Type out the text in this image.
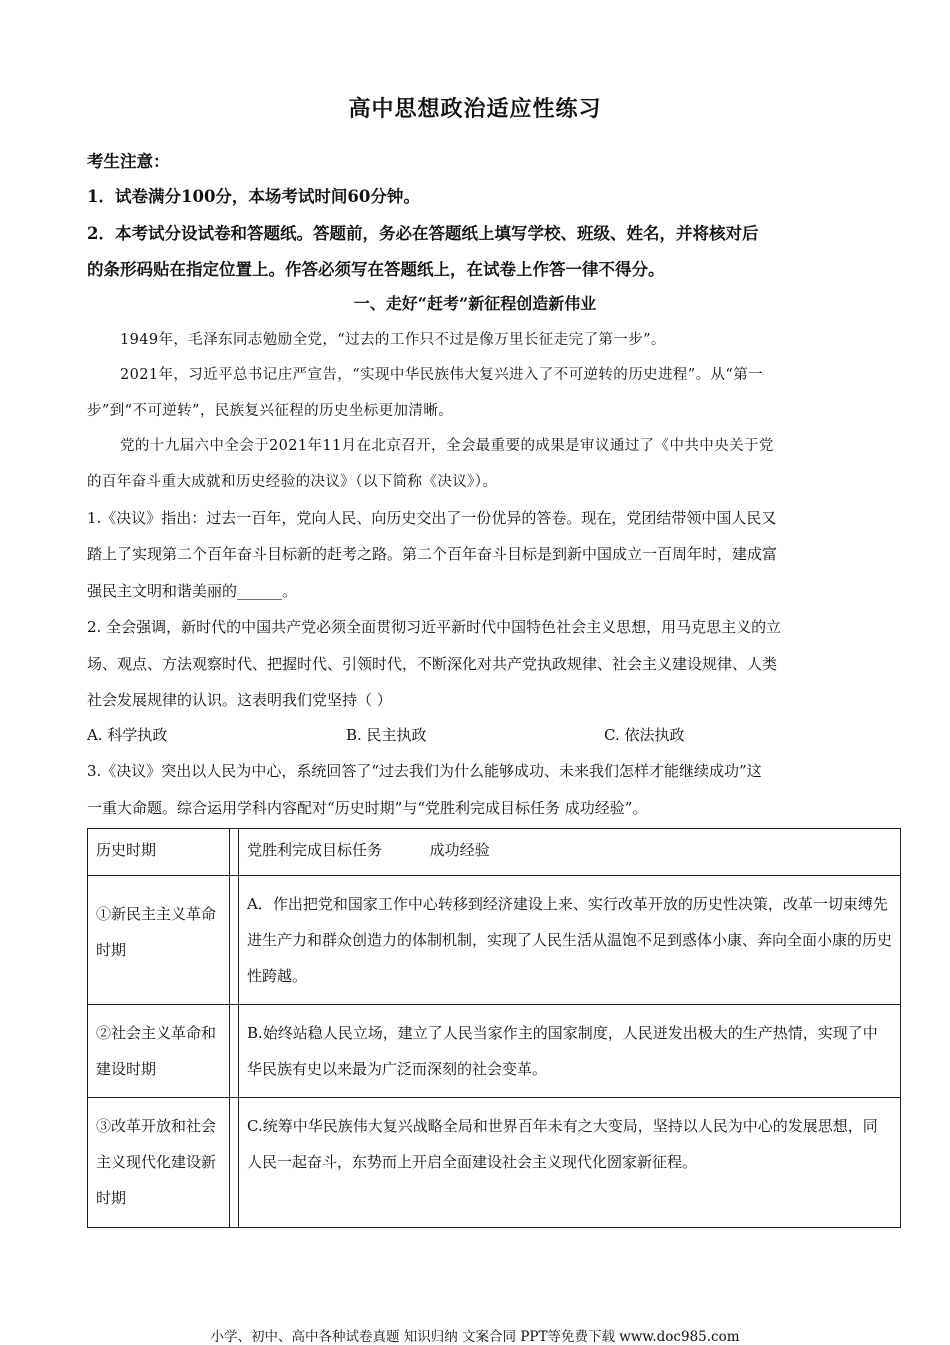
高中思想政治适应性练习
考生注意：
1．试卷满分100分，本场考试时间60分钟。
2．本考试分设试卷和答题纸。答题前，务必在答题纸上填写学校、班级、姓名，并将核对后
的条形码贴在指定位置上。作答必须写在答题纸上，在试卷上作答一律不得分。
一、走好“赶考”新征程创造新伟业
1949年，毛泽东同志勉励全党，“过去的工作只不过是像万里长征走完了第一步”。
2021年，习近平总书记庄严宣告，“实现中华民族伟大复兴进入了不可逆转的历史进程”。从“第一
步”到“不可逆转”，民族复兴征程的历史坐标更加清晰。
党的十九届六中全会于2021年11月在北京召开，全会最重要的成果是审议通过了《中共中央关于党
的百年奋斗重大成就和历史经验的决议》（以下简称《决议》）。
1.《决议》指出：过去一百年，党向人民、向历史交出了一份优异的答卷。现在，党团结带领中国人民又
踏上了实现第二个百年奋斗目标新的赶考之路。第二个百年奋斗目标是到新中国成立一百周年时，建成富
强民主文明和谐美丽的______。
2. 全会强调，新时代的中国共产党必须全面贯彻习近平新时代中国特色社会主义思想，用马克思主义的立
场、观点、方法观察时代、把握时代、引领时代，不断深化对共产党执政规律、社会主义建设规律、人类
社会发展规律的认识。这表明我们党坚持（ ）
A. 科学执政	B. 民主执政	C. 依法执政
3.《决议》突出以人民为中心，系统回答了“过去我们为什么能够成功、未来我们怎样才能继续成功”这
一重大命题。综合运用学科内容配对“历史时期”与“党胜利完成目标任务 成功经验”。
历史时期		党胜利完成目标任务          成功经验

①新民主主义革命时期		A．作出把党和国家工作中心转移到经济建设上来、实行改革开放的历史性决策，改革一切束缚先进生产力和群众创造力的体制机制，实现了人民生活从温饱不足到惑体小康、奔向全面小康的历史性跨越。

②社会主义革命和建设时期		B.始终站稳人民立场，建立了人民当家作主的国家制度，人民迸发出极大的生产热情，实现了中华民族有史以来最为广泛而深刻的社会变革。

③改革开放和社会主义现代化建设新时期		C.统筹中华民族伟大复兴战略全局和世界百年未有之大变局，坚持以人民为中心的发展思想，同人民一起奋斗，东势而上开启全面建设社会主义现代化圀家新征程。
小学、初中、高中各种试卷真题 知识归纳 文案合同 PPT等免费下载 www.doc985.com
